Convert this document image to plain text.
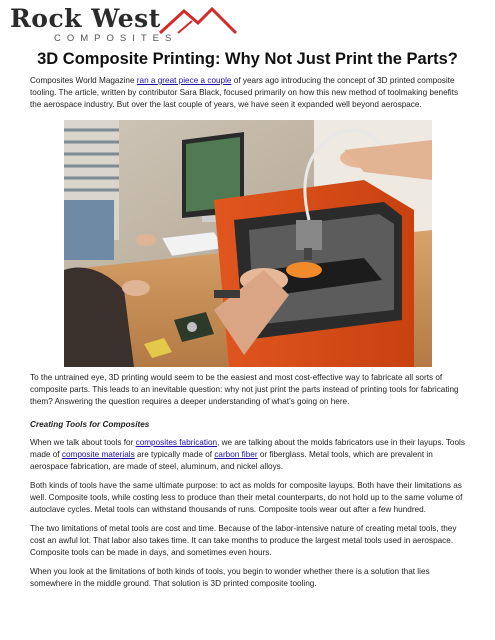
Rock West
COMPOSITES
3D Composite Printing: Why Not Just Print the Parts?

Composites World Magazine ran a great piece a couple of years ago introducing the concept of 3D printed composite tooling. The article, written by contributor Sara Black, focused primarily on how this new method of toolmaking benefits the aerospace industry. But over the last couple of years, we have seen it expanded well beyond aerospace.

To the untrained eye, 3D printing would seem to be the easiest and most cost-effective way to fabricate all sorts of composite parts. This leads to an inevitable question: why not just print the parts instead of printing tools for fabricating them? Answering the question requires a deeper understanding of what’s going on here.

Creating Tools for Composites

When we talk about tools for composites fabrication, we are talking about the molds fabricators use in their layups. Tools made of composite materials are typically made of carbon fiber or fiberglass. Metal tools, which are prevalent in aerospace fabrication, are made of steel, aluminum, and nickel alloys.

Both kinds of tools have the same ultimate purpose: to act as molds for composite layups. Both have their limitations as well. Composite tools, while costing less to produce than their metal counterparts, do not hold up to the same volume of autoclave cycles. Metal tools can withstand thousands of runs. Composite tools wear out after a few hundred.

The two limitations of metal tools are cost and time. Because of the labor-intensive nature of creating metal tools, they cost an awful lot. That labor also takes time. It can take months to produce the largest metal tools used in aerospace. Composite tools can be made in days, and sometimes even hours.

When you look at the limitations of both kinds of tools, you begin to wonder whether there is a solution that lies somewhere in the middle ground. That solution is 3D printed composite tooling.
